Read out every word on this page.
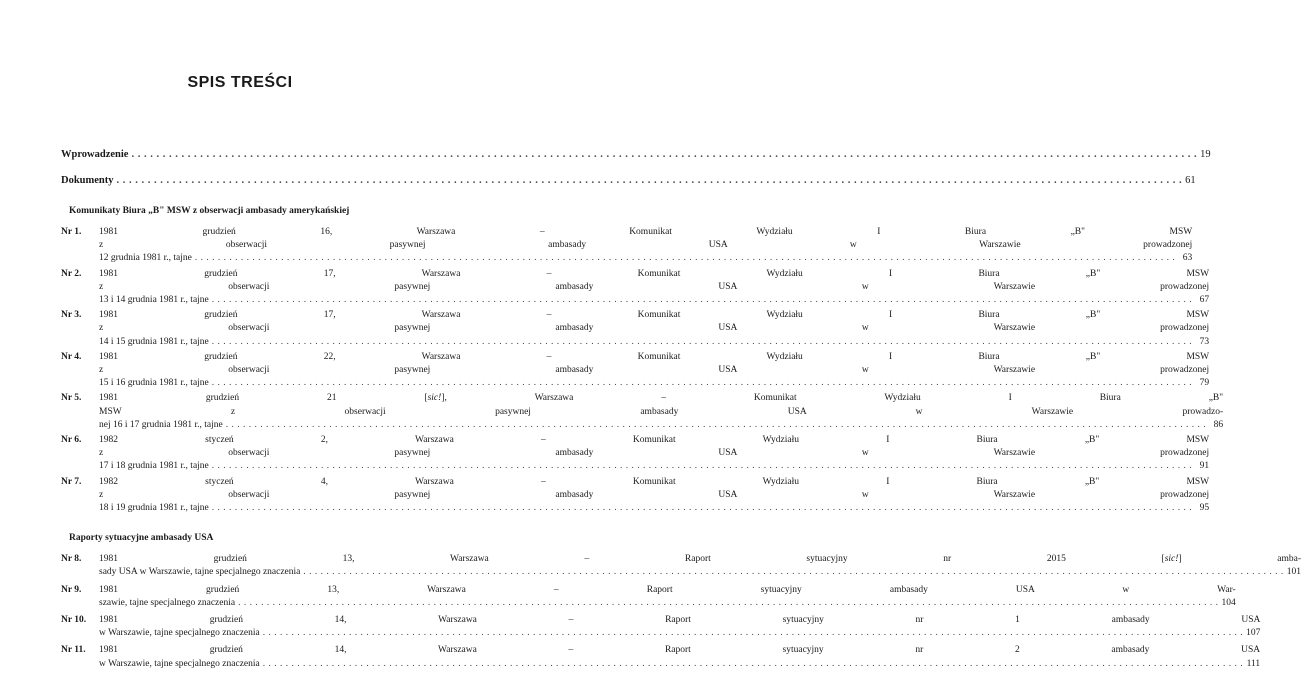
SPIS TREŚCI
Wprowadzenie . . .	19
Dokumenty . . .	61
Komunikaty Biura „B" MSW z obserwacji ambasady amerykańskiej
Nr 1.	1981 grudzień 16, Warszawa – Komunikat Wydziału I Biura „B" MSW
z obserwacji pasywnej ambasady USA w Warszawie prowadzonej
12 grudnia 1981 r., tajne . . .	63
Nr 2.	1981 grudzień 17, Warszawa – Komunikat Wydziału I Biura „B" MSW
z obserwacji pasywnej ambasady USA w Warszawie prowadzonej
13 i 14 grudnia 1981 r., tajne . . .	67
Nr 3.	1981 grudzień 17, Warszawa – Komunikat Wydziału I Biura „B" MSW
z obserwacji pasywnej ambasady USA w Warszawie prowadzonej
14 i 15 grudnia 1981 r., tajne . . .	73
Nr 4.	1981 grudzień 22, Warszawa – Komunikat Wydziału I Biura „B" MSW
z obserwacji pasywnej ambasady USA w Warszawie prowadzonej
15 i 16 grudnia 1981 r., tajne . . .	79
Nr 5.	1981 grudzień 21 [sic!], Warszawa – Komunikat Wydziału I Biura „B"
MSW z obserwacji pasywnej ambasady USA w Warszawie prowadzo-
nej 16 i 17 grudnia 1981 r., tajne . . .	86
Nr 6.	1982 styczeń 2, Warszawa – Komunikat Wydziału I Biura „B" MSW
z obserwacji pasywnej ambasady USA w Warszawie prowadzonej
17 i 18 grudnia 1981 r., tajne . . .	91
Nr 7.	1982 styczeń 4, Warszawa – Komunikat Wydziału I Biura „B" MSW
z obserwacji pasywnej ambasady USA w Warszawie prowadzonej
18 i 19 grudnia 1981 r., tajne . . .	95
Raporty sytuacyjne ambasady USA
Nr 8.	1981 grudzień 13, Warszawa – Raport sytuacyjny nr 2015 [sic!] amba-
sady USA w Warszawie, tajne specjalnego znaczenia . . .	101
Nr 9.	1981 grudzień 13, Warszawa – Raport sytuacyjny ambasady USA w War-
szawie, tajne specjalnego znaczenia . . .	104
Nr 10.	1981 grudzień 14, Warszawa – Raport sytuacyjny nr 1 ambasady USA
w Warszawie, tajne specjalnego znaczenia . . .	107
Nr 11.	1981 grudzień 14, Warszawa – Raport sytuacyjny nr 2 ambasady USA
w Warszawie, tajne specjalnego znaczenia . . .	111
